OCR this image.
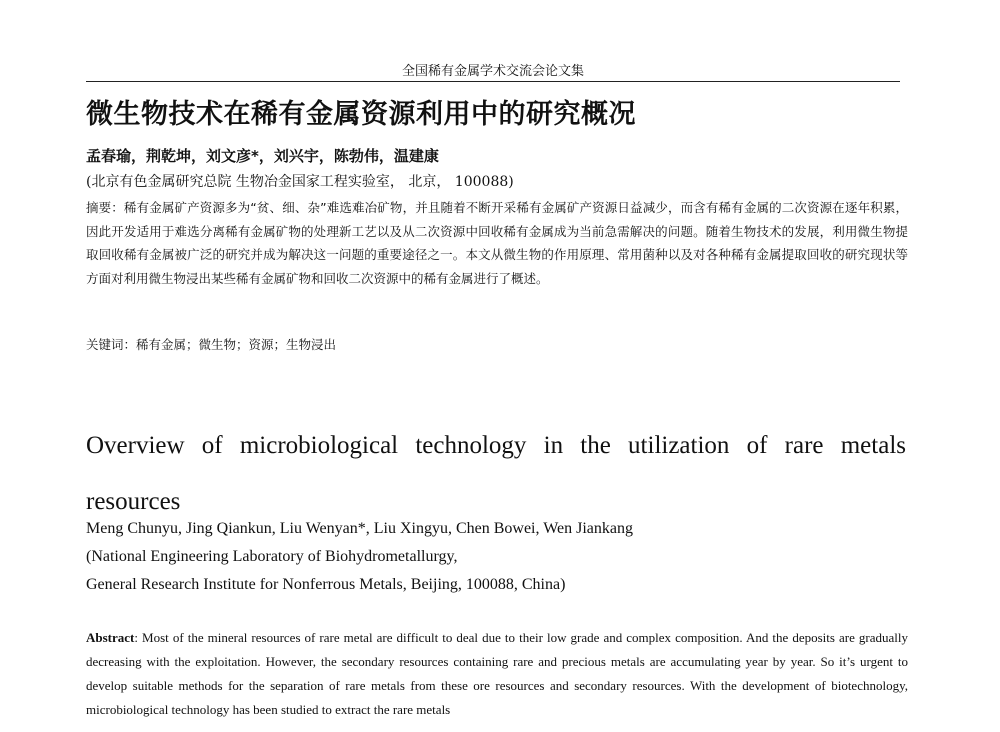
全国稀有金属学术交流会论文集
微生物技术在稀有金属资源利用中的研究概况
孟春瑜，荆乾坤，刘文彦*，刘兴宇，陈勃伟，温建康
(北京有色金属研究总院 生物冶金国家工程实验室， 北京， 100088)
摘要：稀有金属矿产资源多为“贫、细、杂”难选难冶矿物，并且随着不断开采稀有金属矿产资源日益减少，而含有稀有金属的二次资源在逐年积累，因此开发适用于难选分离稀有金属矿物的处理新工艺以及从二次资源中回收稀有金属成为当前急需解决的问题。随着生物技术的发展，利用微生物提取回收稀有金属被广泛的研究并成为解决这一问题的重要途径之一。本文从微生物的作用原理、常用菌种以及对各种稀有金属提取回收的研究现状等方面对利用微生物浸出某些稀有金属矿物和回收二次资源中的稀有金属进行了概述。
关键词：稀有金属；微生物；资源；生物浸出
Overview of microbiological technology in the utilization of rare metals resources
Meng Chunyu, Jing Qiankun, Liu Wenyan*, Liu Xingyu, Chen Bowei, Wen Jiankang
(National Engineering Laboratory of Biohydrometallurgy,
General Research Institute for Nonferrous Metals, Beijing, 100088, China)
Abstract: Most of the mineral resources of rare metal are difficult to deal due to their low grade and complex composition. And the deposits are gradually decreasing with the exploitation. However, the secondary resources containing rare and precious metals are accumulating year by year. So it’s urgent to develop suitable methods for the separation of rare metals from these ore resources and secondary resources. With the development of biotechnology, microbiological technology has been studied to extract the rare metals
